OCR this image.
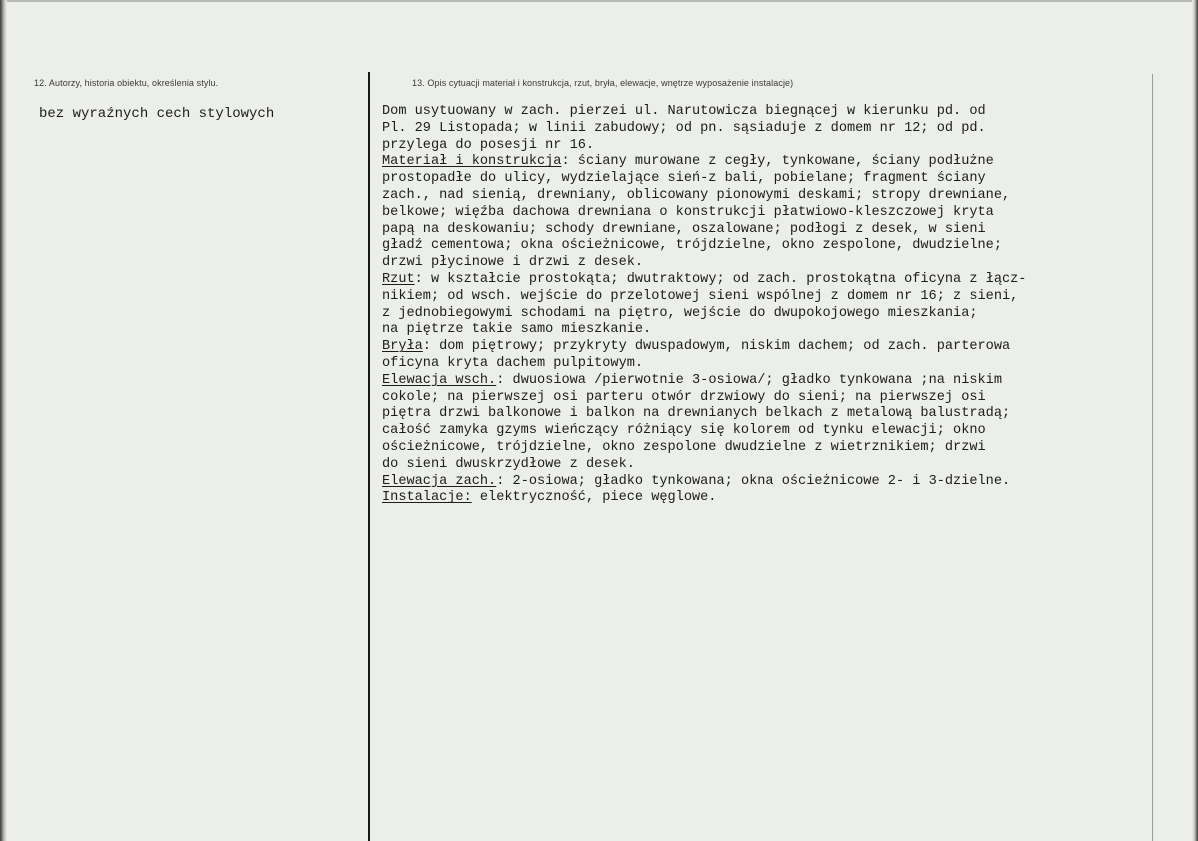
12. Autorzy, historia obiektu, określenia stylu.	13. Opis cytuacji materiał i konstrukcja, rzut, bryła, elewacje, wnętrze wyposażenie instalacje)
bez wyraźnych cech stylowych	Dom usytuowany w zach. pierzei ul. Narutowicza biegnącej w kierunku pd. od
Pl. 29 Listopada; w linii zabudowy; od pn. sąsiaduje z domem nr 12; od pd.
przylega do posesji nr 16.
Materiał i konstrukcja: ściany murowane z cegły, tynkowane, ściany podłużne
prostopadłe do ulicy, wydzielające sień-z bali, pobielane; fragment ściany
zach., nad sienią, drewniany, oblicowany pionowymi deskami; stropy drewniane,
belkowe; więźba dachowa drewniana o konstrukcji płatwiowo-kleszczowej kryta
papą na deskowaniu; schody drewniane, oszalowane; podłogi z desek, w sieni
gładź cementowa; okna ościeżnicowe, trójdzielne, okno zespolone, dwudzielne;
drzwi płycinowe i drzwi z desek.
Rzut: w kształcie prostokąta; dwutraktowy; od zach. prostokątna oficyna z łącz-
nikiem; od wsch. wejście do przelotowej sieni wspólnej z domem nr 16; z sieni,
z jednobiegowymi schodami na piętro, wejście do dwupokojowego mieszkania;
na piętrze takie samo mieszkanie.
Bryła: dom piętrowy; przykryty dwuspadowym, niskim dachem; od zach. parterowa
oficyna kryta dachem pulpitowym.
Elewacja wsch.: dwuosiowa /pierwotnie 3-osiowa/; gładko tynkowana ;na niskim
cokole; na pierwszej osi parteru otwór drzwiowy do sieni; na pierwszej osi
piętra drzwi balkonowe i balkon na drewnianych belkach z metalową balustradą;
całość zamyka gzyms wieńczący różniący się kolorem od tynku elewacji; okno
ościeżnicowe, trójdzielne, okno zespolone dwudzielne z wietrznikiem; drzwi
do sieni dwuskrzydłowe z desek.
Elewacja zach.: 2-osiowa; gładko tynkowana; okna ościeżnicowe 2- i 3-dzielne.
Instalacje: elektryczność, piece węglowe.
